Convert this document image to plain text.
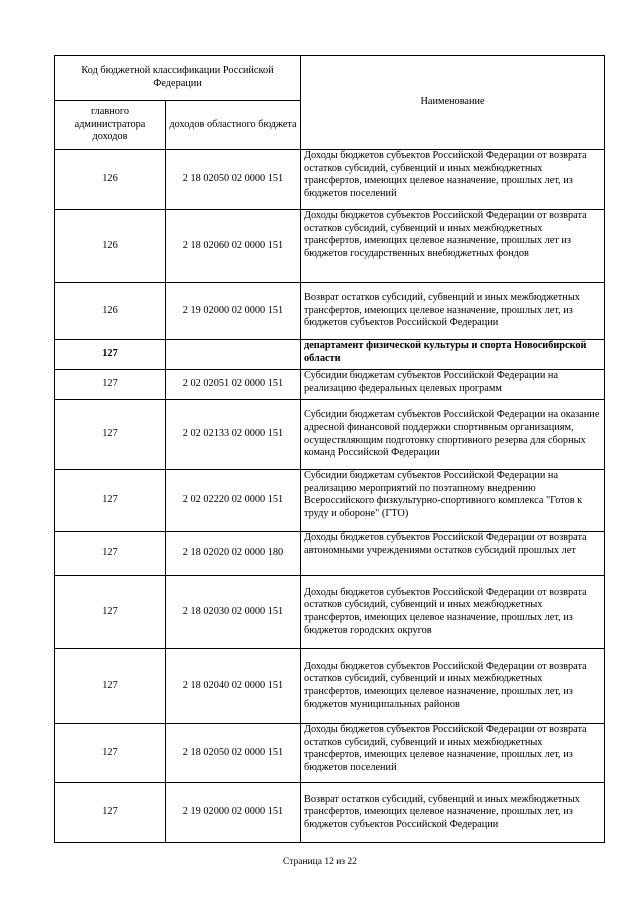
Код бюджетной классификации Российской Федерации		Наименование
главного администратора доходов	доходов областного бюджета	
126	2 18 02050 02 0000 151	Доходы бюджетов субъектов Российской Федерации от возврата остатков субсидий, субвенций и иных межбюджетных трансфертов, имеющих целевое назначение, прошлых лет, из бюджетов поселений
126	2 18 02060 02 0000 151	Доходы бюджетов субъектов Российской Федерации от возврата остатков субсидий, субвенций и иных межбюджетных трансфертов, имеющих целевое назначение, прошлых лет из бюджетов государственных внебюджетных фондов
126	2 19 02000 02 0000 151	Возврат остатков субсидий, субвенций и иных межбюджетных трансфертов, имеющих целевое назначение, прошлых лет, из бюджетов субъектов Российской Федерации
127		департамент физической культуры и спорта Новосибирской области
127	2 02 02051 02 0000 151	Субсидии бюджетам субъектов Российской Федерации на реализацию федеральных целевых программ
127	2 02 02133 02 0000 151	Субсидии бюджетам субъектов Российской Федерации на оказание адресной финансовой поддержки спортивным организациям, осуществляющим подготовку спортивного резерва для сборных команд Российской Федерации
127	2 02 02220 02 0000 151	Субсидии бюджетам субъектов Российской Федерации на реализацию мероприятий по поэтапному внедрению Всероссийского физкультурно-спортивного комплекса "Готов к труду и обороне" (ГТО)
127	2 18 02020 02 0000 180	Доходы бюджетов субъектов Российской Федерации от возврата автономными учреждениями остатков субсидий прошлых лет
127	2 18 02030 02 0000 151	Доходы бюджетов субъектов Российской Федерации от возврата остатков субсидий, субвенций и иных межбюджетных трансфертов, имеющих целевое назначение, прошлых лет, из бюджетов городских округов
127	2 18 02040 02 0000 151	Доходы бюджетов субъектов Российской Федерации от возврата остатков субсидий, субвенций и иных межбюджетных трансфертов, имеющих целевое назначение, прошлых лет, из бюджетов муниципальных районов
127	2 18 02050 02 0000 151	Доходы бюджетов субъектов Российской Федерации от возврата остатков субсидий, субвенций и иных межбюджетных трансфертов, имеющих целевое назначение, прошлых лет, из бюджетов поселений
127	2 19 02000 02 0000 151	Возврат остатков субсидий, субвенций и иных межбюджетных трансфертов, имеющих целевое назначение, прошлых лет, из бюджетов субъектов Российской Федерации
Страница 12 из 22
